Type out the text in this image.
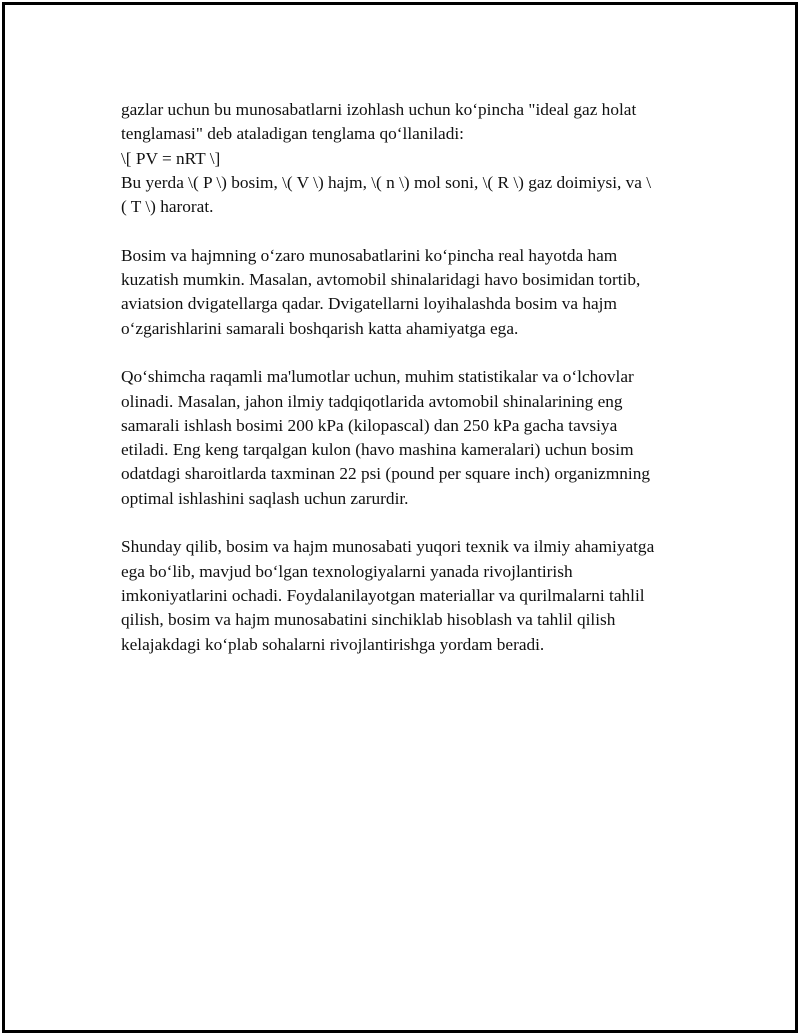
gazlar uchun bu munosabatlarni izohlash uchun ko‘pincha "ideal gaz holat
tenglamasi" deb ataladigan tenglama qo‘llaniladi:
\[ PV = nRT \]
Bu yerda \( P \) bosim, \( V \) hajm, \( n \) mol soni, \( R \) gaz doimiysi, va \
( T \) harorat.

Bosim va hajmning o‘zaro munosabatlarini ko‘pincha real hayotda ham
kuzatish mumkin. Masalan, avtomobil shinalaridagi havo bosimidan tortib,
aviatsion dvigatellarga qadar. Dvigatellarni loyihalashda bosim va hajm
o‘zgarishlarini samarali boshqarish katta ahamiyatga ega.

Qo‘shimcha raqamli ma'lumotlar uchun, muhim statistikalar va o‘lchovlar
olinadi. Masalan, jahon ilmiy tadqiqotlarida avtomobil shinalarining eng
samarali ishlash bosimi 200 kPa (kilopascal) dan 250 kPa gacha tavsiya
etiladi. Eng keng tarqalgan kulon (havo mashina kameralari) uchun bosim
odatdagi sharoitlarda taxminan 22 psi (pound per square inch) organizmning
optimal ishlashini saqlash uchun zarurdir.

Shunday qilib, bosim va hajm munosabati yuqori texnik va ilmiy ahamiyatga
ega bo‘lib, mavjud bo‘lgan texnologiyalarni yanada rivojlantirish
imkoniyatlarini ochadi. Foydalanilayotgan materiallar va qurilmalarni tahlil
qilish, bosim va hajm munosabatini sinchiklab hisoblash va tahlil qilish
kelajakdagi ko‘plab sohalarni rivojlantirishga yordam beradi.
